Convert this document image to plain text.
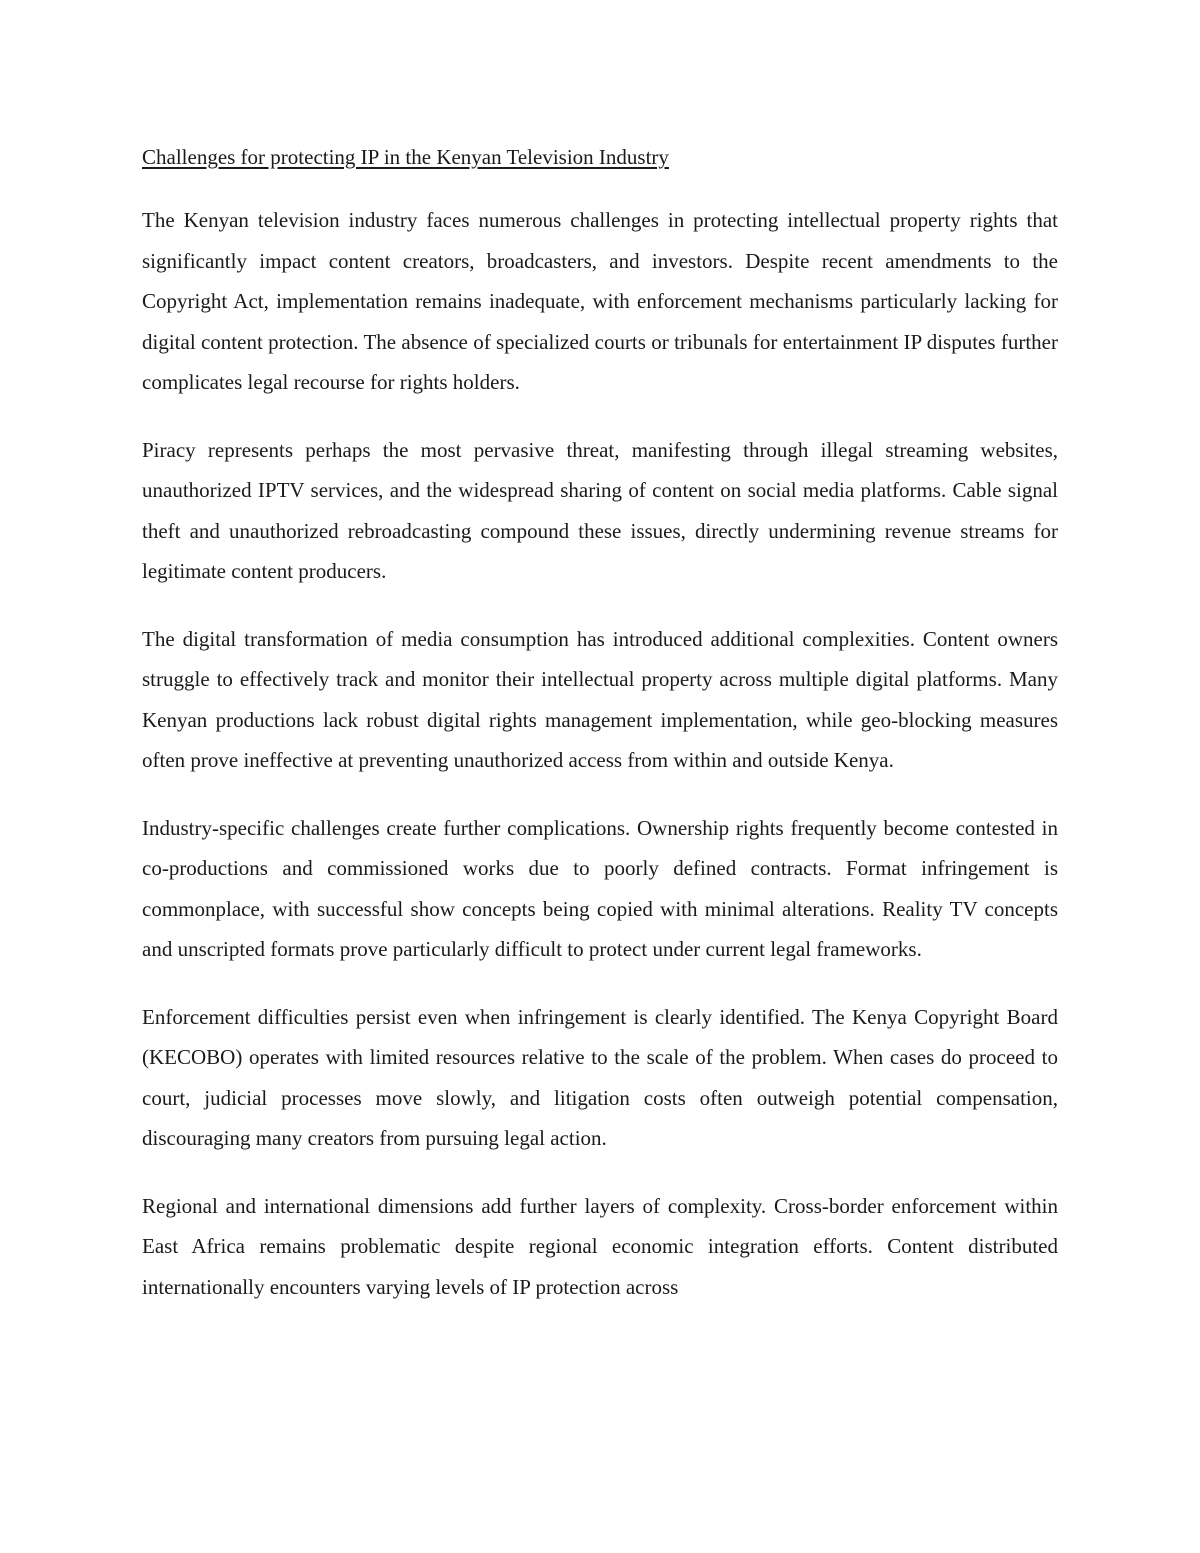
Challenges for protecting IP in the Kenyan Television Industry

The Kenyan television industry faces numerous challenges in protecting intellectual property rights that significantly impact content creators, broadcasters, and investors. Despite recent amendments to the Copyright Act, implementation remains inadequate, with enforcement mechanisms particularly lacking for digital content protection. The absence of specialized courts or tribunals for entertainment IP disputes further complicates legal recourse for rights holders.

Piracy represents perhaps the most pervasive threat, manifesting through illegal streaming websites, unauthorized IPTV services, and the widespread sharing of content on social media platforms. Cable signal theft and unauthorized rebroadcasting compound these issues, directly undermining revenue streams for legitimate content producers.

The digital transformation of media consumption has introduced additional complexities. Content owners struggle to effectively track and monitor their intellectual property across multiple digital platforms. Many Kenyan productions lack robust digital rights management implementation, while geo-blocking measures often prove ineffective at preventing unauthorized access from within and outside Kenya.

Industry-specific challenges create further complications. Ownership rights frequently become contested in co-productions and commissioned works due to poorly defined contracts. Format infringement is commonplace, with successful show concepts being copied with minimal alterations. Reality TV concepts and unscripted formats prove particularly difficult to protect under current legal frameworks.

Enforcement difficulties persist even when infringement is clearly identified. The Kenya Copyright Board (KECOBO) operates with limited resources relative to the scale of the problem. When cases do proceed to court, judicial processes move slowly, and litigation costs often outweigh potential compensation, discouraging many creators from pursuing legal action.

Regional and international dimensions add further layers of complexity. Cross-border enforcement within East Africa remains problematic despite regional economic integration efforts. Content distributed internationally encounters varying levels of IP protection across
